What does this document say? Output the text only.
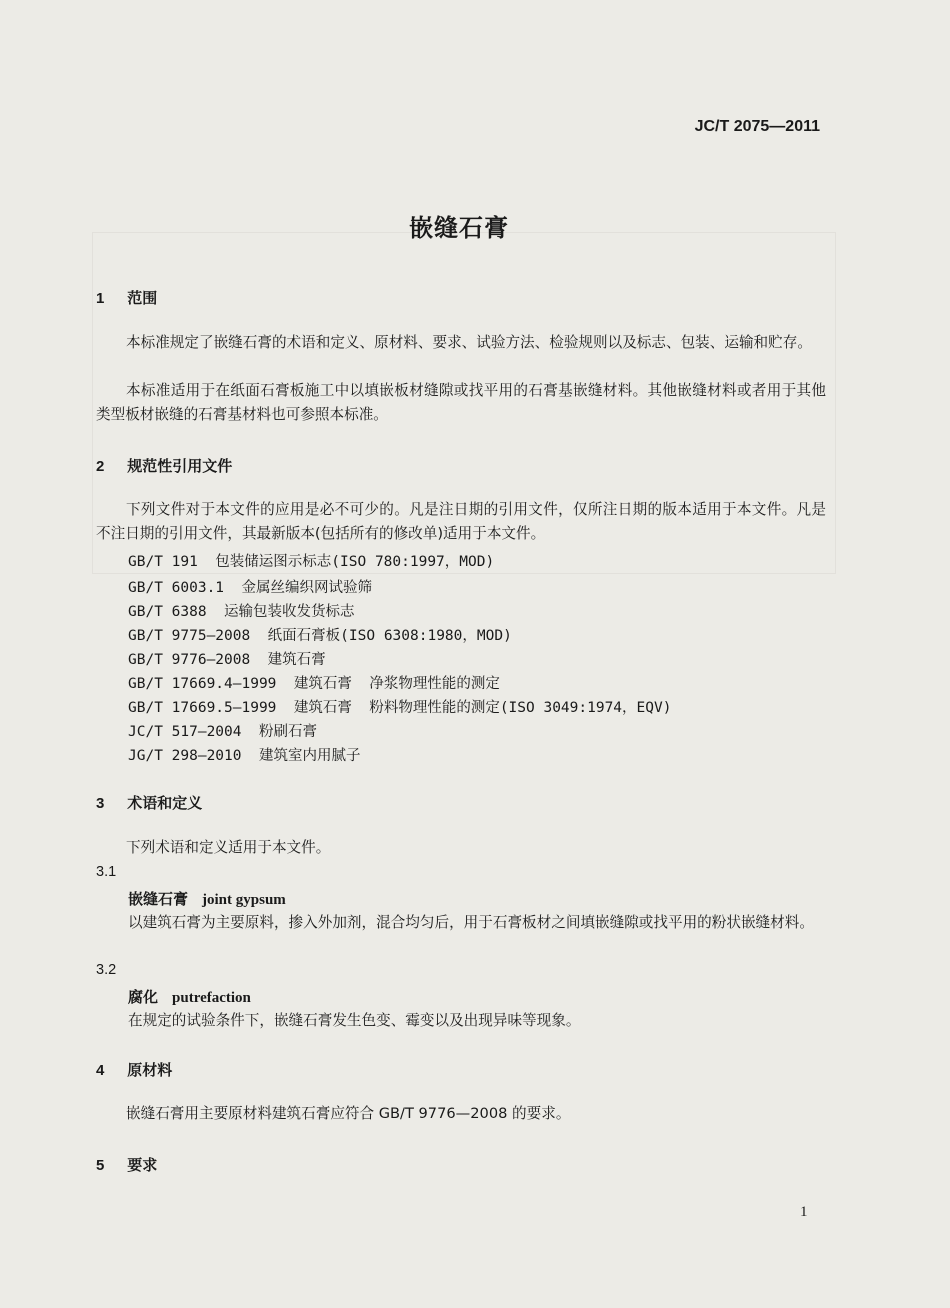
JC/T 2075—2011
嵌缝石膏
1 范围
本标准规定了嵌缝石膏的术语和定义、原材料、要求、试验方法、检验规则以及标志、包装、运输和贮存。
本标准适用于在纸面石膏板施工中以填嵌板材缝隙或找平用的石膏基嵌缝材料。其他嵌缝材料或者用于其他类型板材嵌缝的石膏基材料也可参照本标准。
2 规范性引用文件
下列文件对于本文件的应用是必不可少的。凡是注日期的引用文件，仅所注日期的版本适用于本文件。凡是不注日期的引用文件，其最新版本(包括所有的修改单)适用于本文件。
GB/T 191  包装储运图示标志(ISO 780:1997，MOD)
GB/T 6003.1  金属丝编织网试验筛
GB/T 6388  运输包装收发货标志
GB/T 9775—2008  纸面石膏板(ISO 6308:1980，MOD)
GB/T 9776—2008  建筑石膏
GB/T 17669.4—1999  建筑石膏  净浆物理性能的测定
GB/T 17669.5—1999  建筑石膏  粉料物理性能的测定(ISO 3049:1974，EQV)
JC/T 517—2004  粉刷石膏
JG/T 298—2010  建筑室内用腻子
3 术语和定义
下列术语和定义适用于本文件。
3.1
嵌缝石膏 joint gypsum
以建筑石膏为主要原料，掺入外加剂，混合均匀后，用于石膏板材之间填嵌缝隙或找平用的粉状嵌缝材料。
3.2
腐化 putrefaction
在规定的试验条件下，嵌缝石膏发生色变、霉变以及出现异味等现象。
4 原材料
嵌缝石膏用主要原材料建筑石膏应符合 GB/T 9776—2008 的要求。
5 要求
1
